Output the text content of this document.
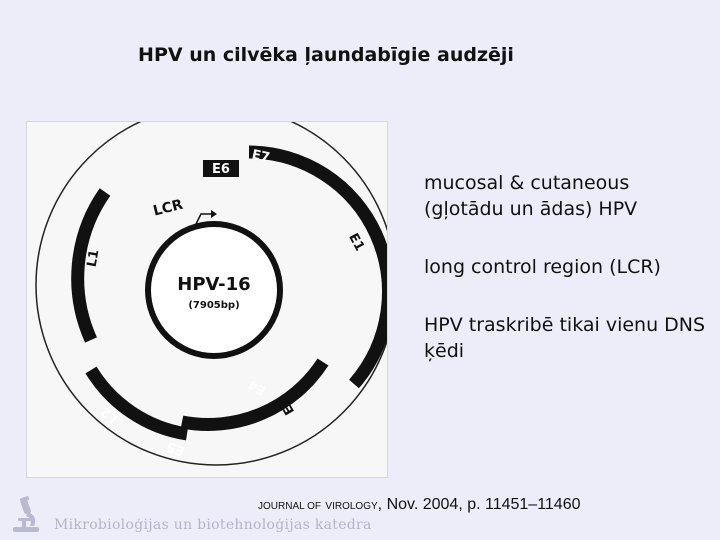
HPV un cilvēka ļaundabīgie audzēji
E6
E7
E1
E2
E4
E5
L2
L1
LCR
HPV-16
(7905bp)
mucosal & cutaneous (gļotādu un ādas) HPV
long control region (LCR)
HPV traskribē tikai vienu DNS ķēdi
JOURNAL OF VIROLOGY, Nov. 2004, p. 11451–11460
Mikrobioloģijas un biotehnoloģijas katedra
